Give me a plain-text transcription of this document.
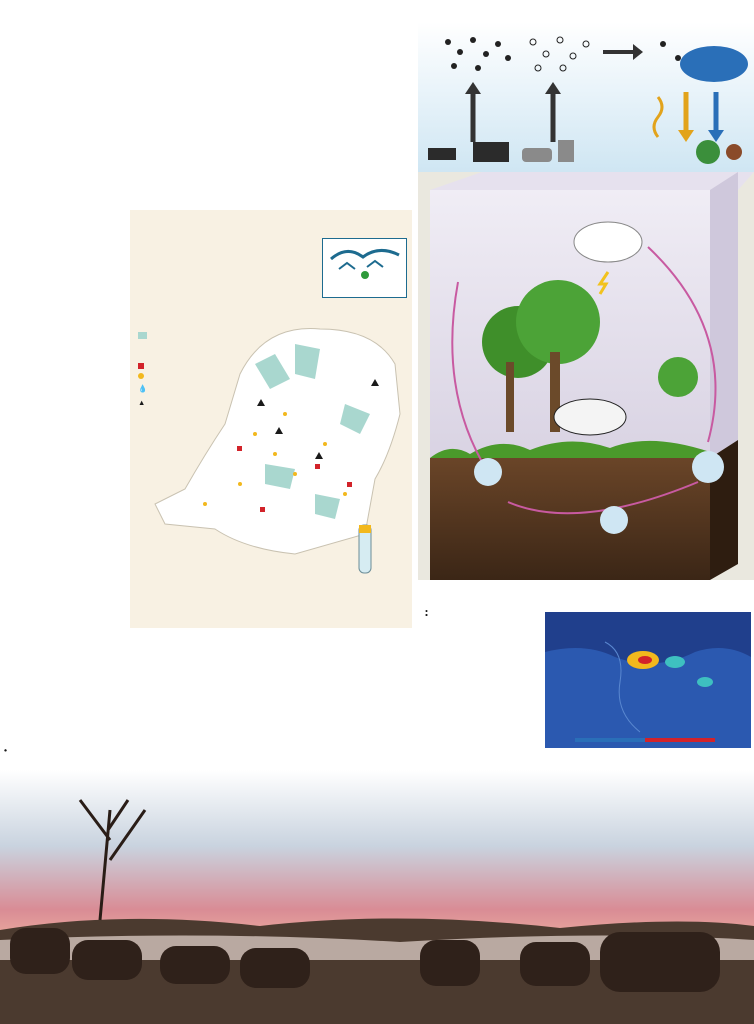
💧
▲
